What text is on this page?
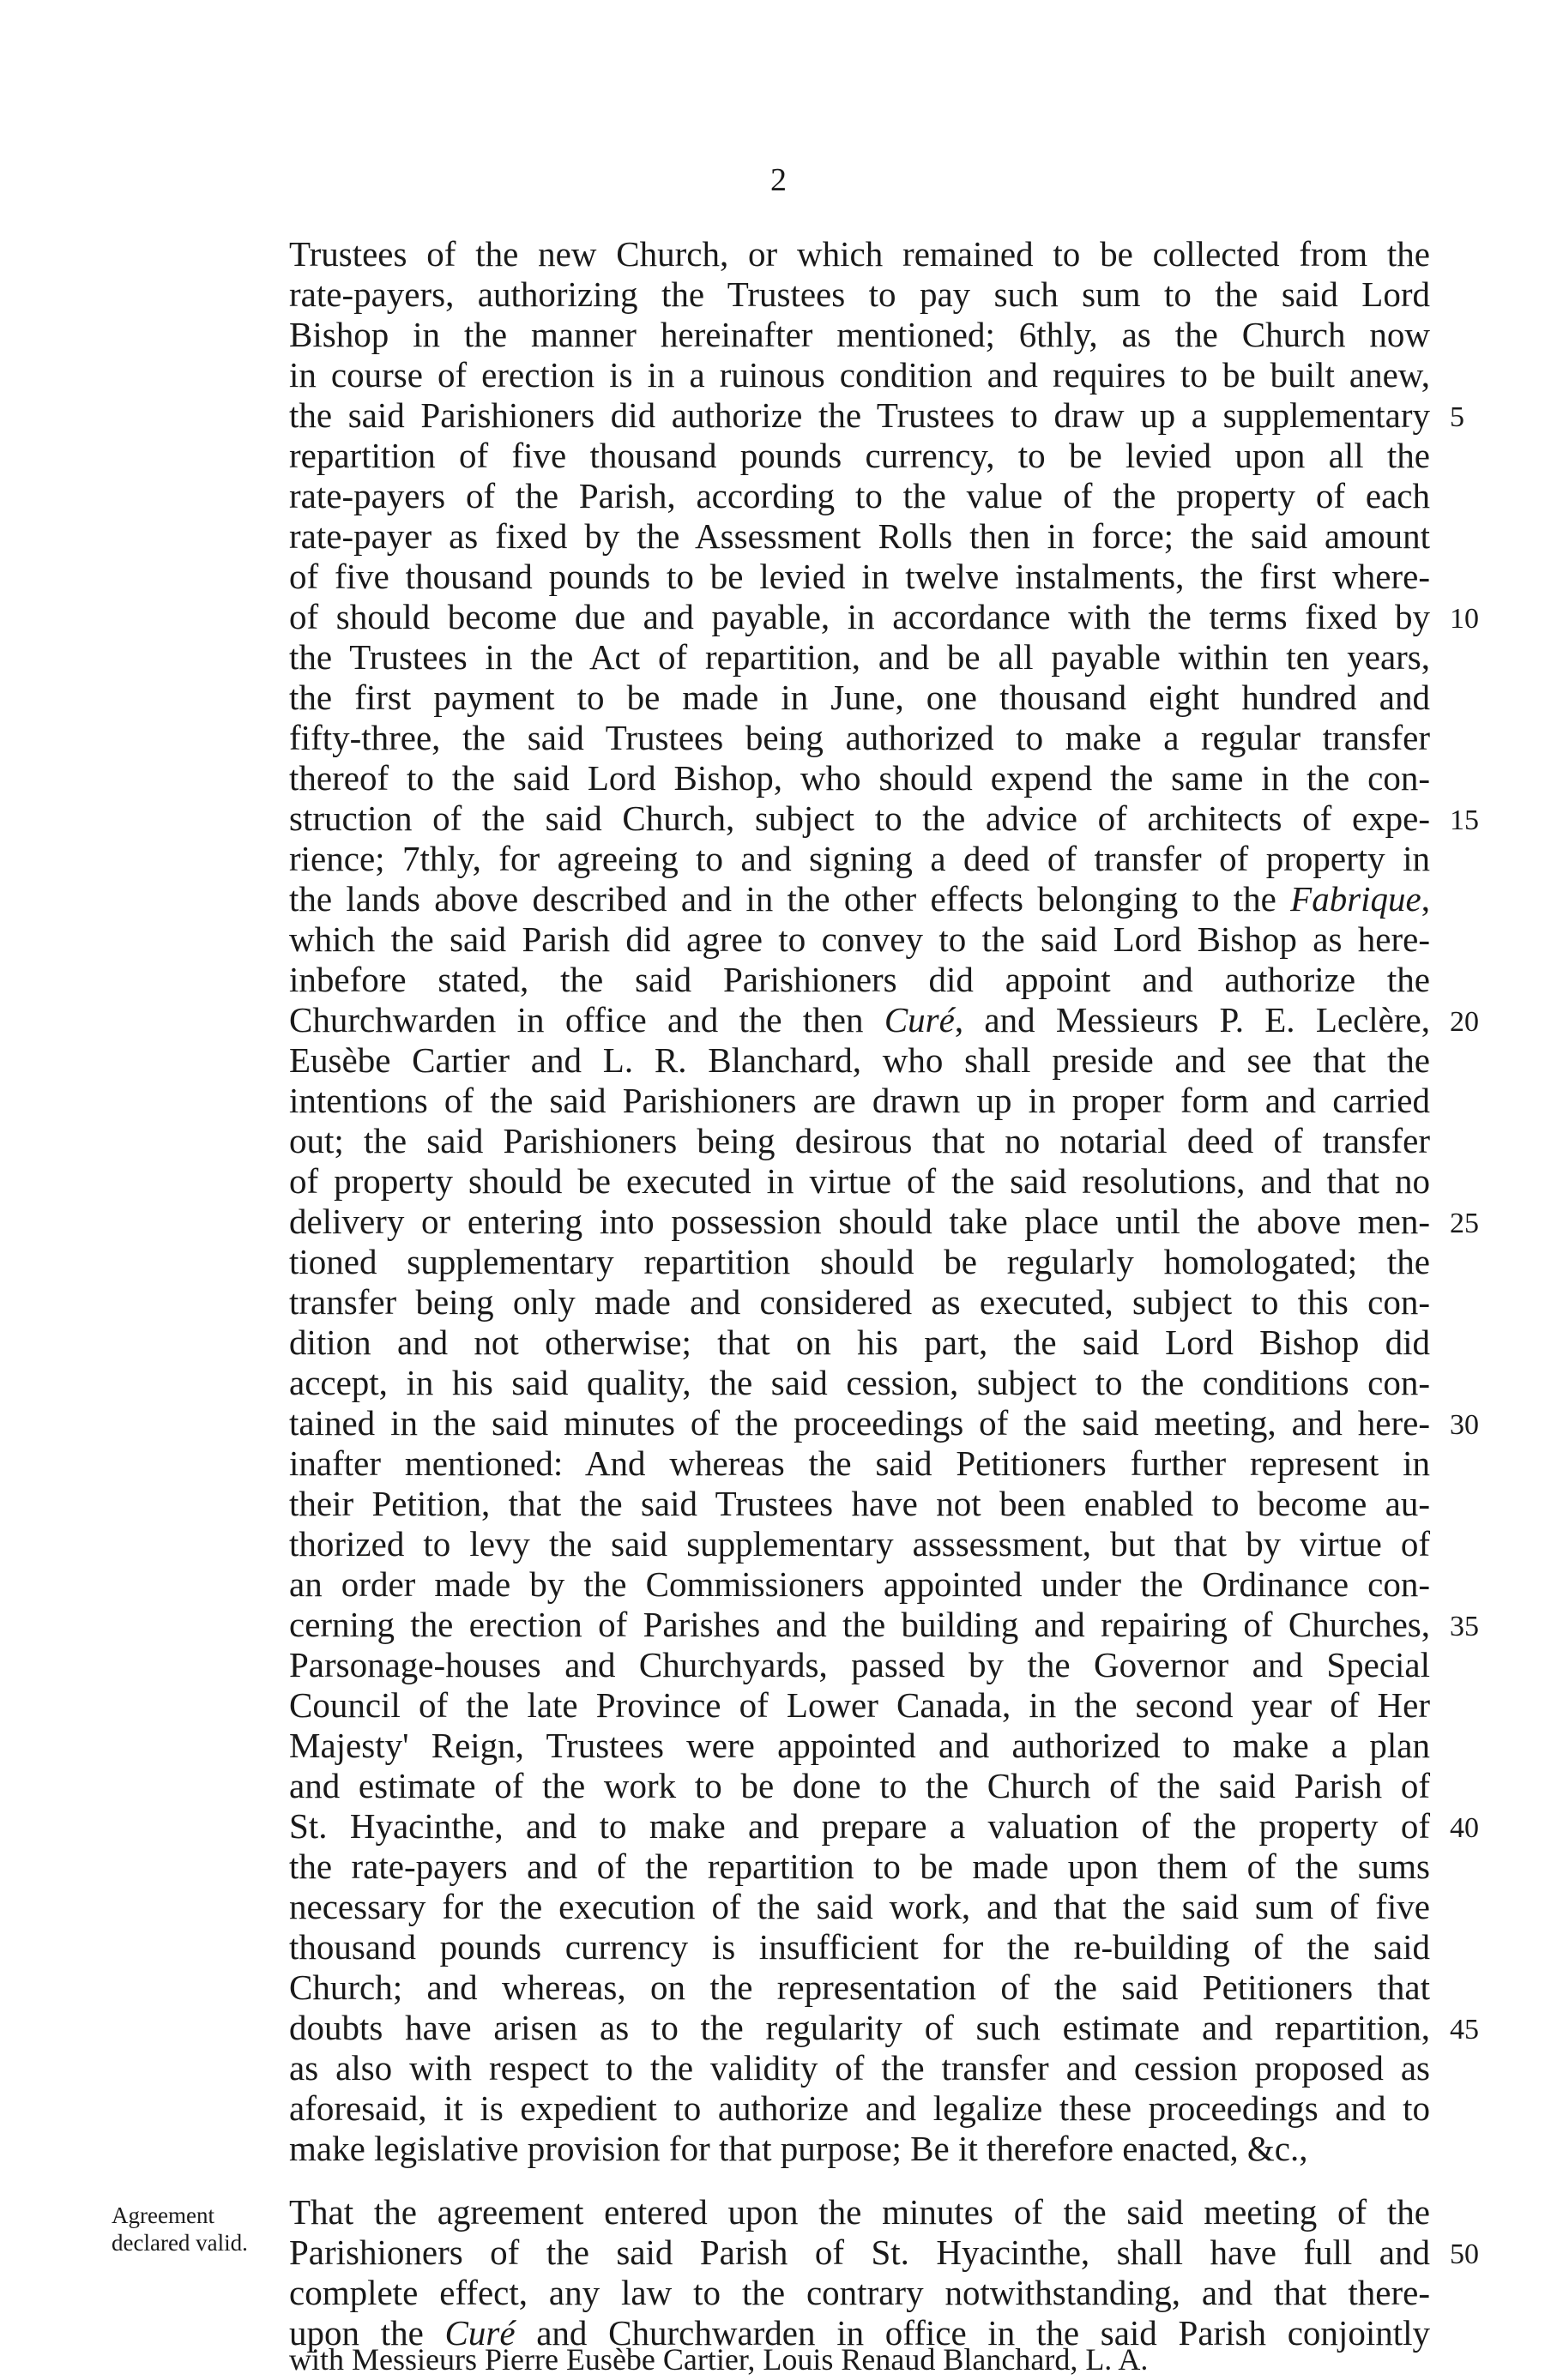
2
Trustees of the new Church, or which remained to be collected from the
rate-payers, authorizing the Trustees to pay such sum to the said Lord
Bishop in the manner hereinafter mentioned; 6thly, as the Church now
in course of erection is in a ruinous condition and requires to be built anew,
the said Parishioners did authorize the Trustees to draw up a supplementary
repartition of five thousand pounds currency, to be levied upon all the
rate-payers of the Parish, according to the value of the property of each
rate-payer as fixed by the Assessment Rolls then in force; the said amount
of five thousand pounds to be levied in twelve instalments, the first where-
of should become due and payable, in accordance with the terms fixed by
the Trustees in the Act of repartition, and be all payable within ten years,
the first payment to be made in June, one thousand eight hundred and
fifty-three, the said Trustees being authorized to make a regular transfer
thereof to the said Lord Bishop, who should expend the same in the con-
struction of the said Church, subject to the advice of architects of expe-
rience; 7thly, for agreeing to and signing a deed of transfer of property in
the lands above described and in the other effects belonging to the Fabrique,
which the said Parish did agree to convey to the said Lord Bishop as here-
inbefore stated, the said Parishioners did appoint and authorize the
Churchwarden in office and the then Curé, and Messieurs P. E. Leclère,
Eusèbe Cartier and L. R. Blanchard, who shall preside and see that the
intentions of the said Parishioners are drawn up in proper form and carried
out; the said Parishioners being desirous that no notarial deed of transfer
of property should be executed in virtue of the said resolutions, and that no
delivery or entering into possession should take place until the above men-
tioned supplementary repartition should be regularly homologated; the
transfer being only made and considered as executed, subject to this con-
dition and not otherwise; that on his part, the said Lord Bishop did
accept, in his said quality, the said cession, subject to the conditions con-
tained in the said minutes of the proceedings of the said meeting, and here-
inafter mentioned: And whereas the said Petitioners further represent in
their Petition, that the said Trustees have not been enabled to become au-
thorized to levy the said supplementary asssessment, but that by virtue of
an order made by the Commissioners appointed under the Ordinance con-
cerning the erection of Parishes and the building and repairing of Churches,
Parsonage-houses and Churchyards, passed by the Governor and Special
Council of the late Province of Lower Canada, in the second year of Her
Majesty' Reign, Trustees were appointed and authorized to make a plan
and estimate of the work to be done to the Church of the said Parish of
St. Hyacinthe, and to make and prepare a valuation of the property of
the rate-payers and of the repartition to be made upon them of the sums
necessary for the execution of the said work, and that the said sum of five
thousand pounds currency is insufficient for the re-building of the said
Church; and whereas, on the representation of the said Petitioners that
doubts have arisen as to the regularity of such estimate and repartition,
as also with respect to the validity of the transfer and cession proposed as
aforesaid, it is expedient to authorize and legalize these proceedings and to
make legislative provision for that purpose; Be it therefore enacted, &c.,
That the agreement entered upon the minutes of the said meeting of the
Parishioners of the said Parish of St. Hyacinthe, shall have full and
complete effect, any law to the contrary notwithstanding, and that there-
upon the Curé and Churchwarden in office in the said Parish conjointly
with Messieurs Pierre Eusèbe Cartier, Louis Renaud Blanchard, L. A.
5
10
15
20
25
30
35
40
45
50
Agreement
declared valid.
